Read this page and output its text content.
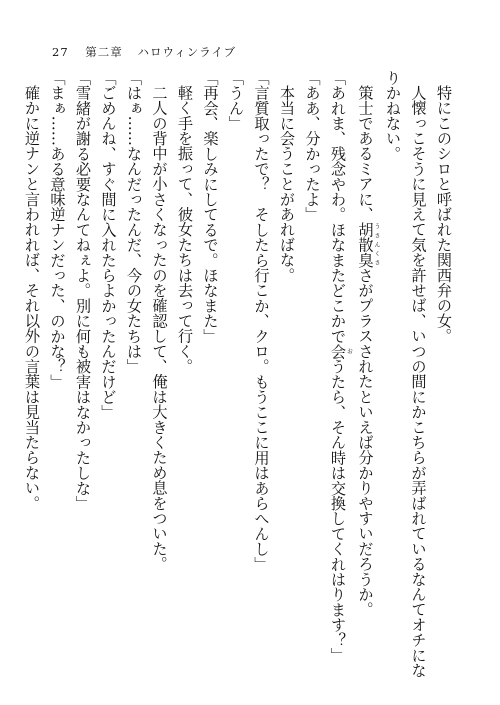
27 第二章 ハロウィンライブ
特にこのシロと呼ばれた関西弁の女。
人懐っこそうに見えて気を許せば、いつの間にかこちらが弄ばれているなんてオチにな
りかねない。
策士であるミアに、胡散臭うさんくささがプラスされたといえば分かりやすいだろうか。
「あれま、残念やわ。ほなまたどこかで会おうたら、そん時は交換してくれはります？」
「ああ、分かったよ」
本当に会うことがあればな。
「言質取ったで？　そしたら行こか、クロ。もうここに用はあらへんし」
「うん」
「再会、楽しみにしてるで。ほなまた」
軽く手を振って、彼女たちは去って行く。
二人の背中が小さくなったのを確認して、俺は大きくため息をついた。
「はぁ……なんだったんだ、今の女たちは」
「ごめんね、すぐ間に入れたらよかったんだけど」
「雪緒が謝る必要なんてねぇよ。別に何も被害はなかったしな」
「まぁ……ある意味逆ナンだった、のかな？」
確かに逆ナンと言われれば、それ以外の言葉は見当たらない。
